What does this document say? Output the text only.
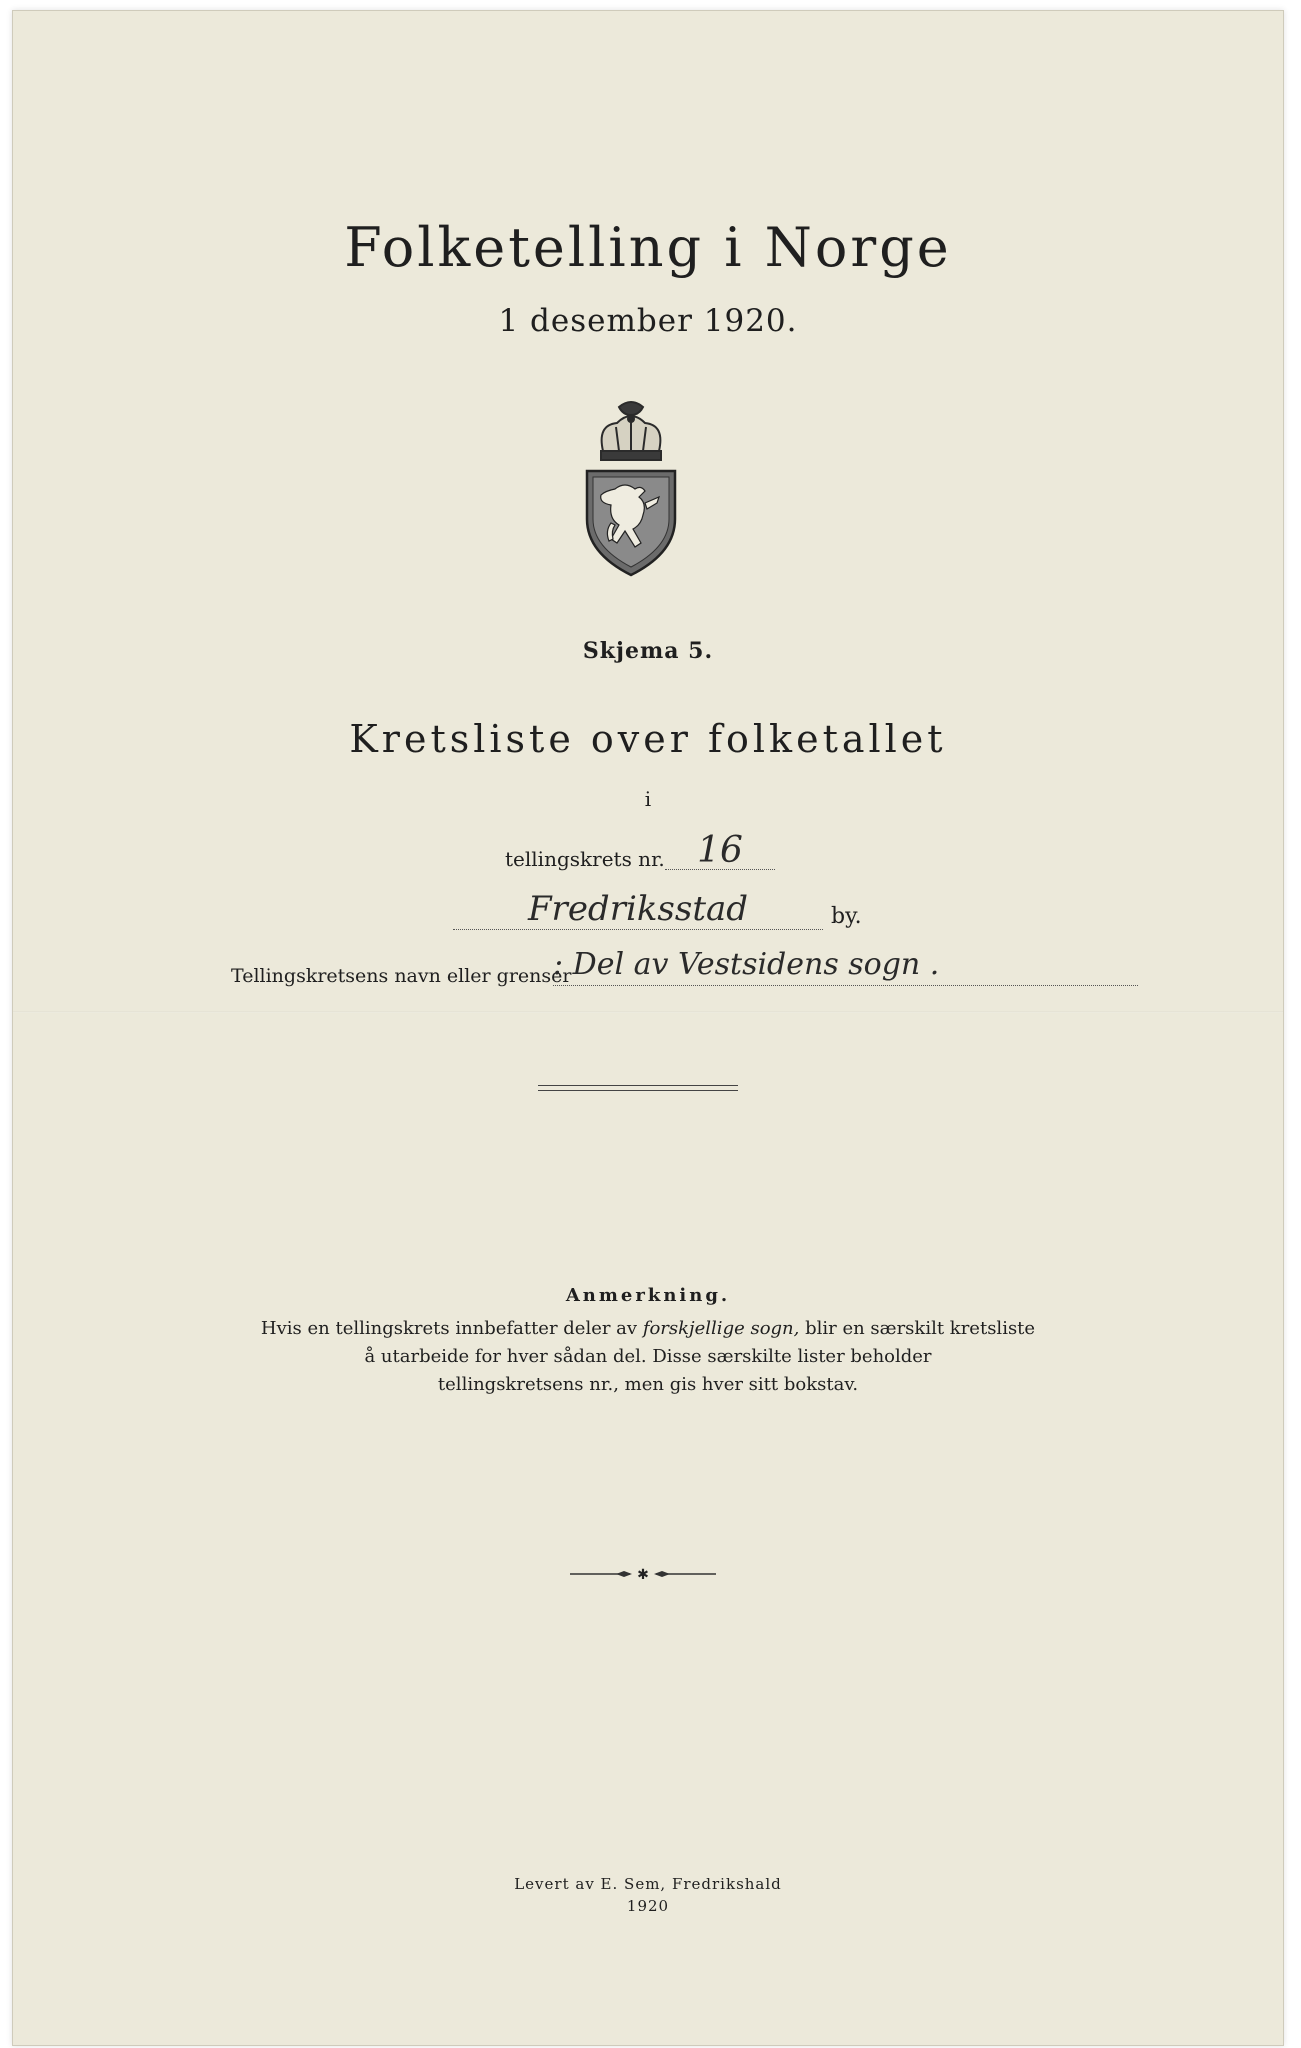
Folketelling i Norge
1 desember 1920.
Skjema 5.
Kretsliste over folketallet
i
tellingskrets nr. 16
Fredriksstad	by.
Tellingskretsens navn eller grenser
: Del av Vestsidens sogn .
Anmerkning.
Hvis en tellingskrets innbefatter deler av forskjellige sogn, blir en særskilt kretsliste
å utarbeide for hver sådan del. Disse særskilte lister beholder
tellingskretsens nr., men gis hver sitt bokstav.
✱
Levert av E. Sem, Fredrikshald
1920
